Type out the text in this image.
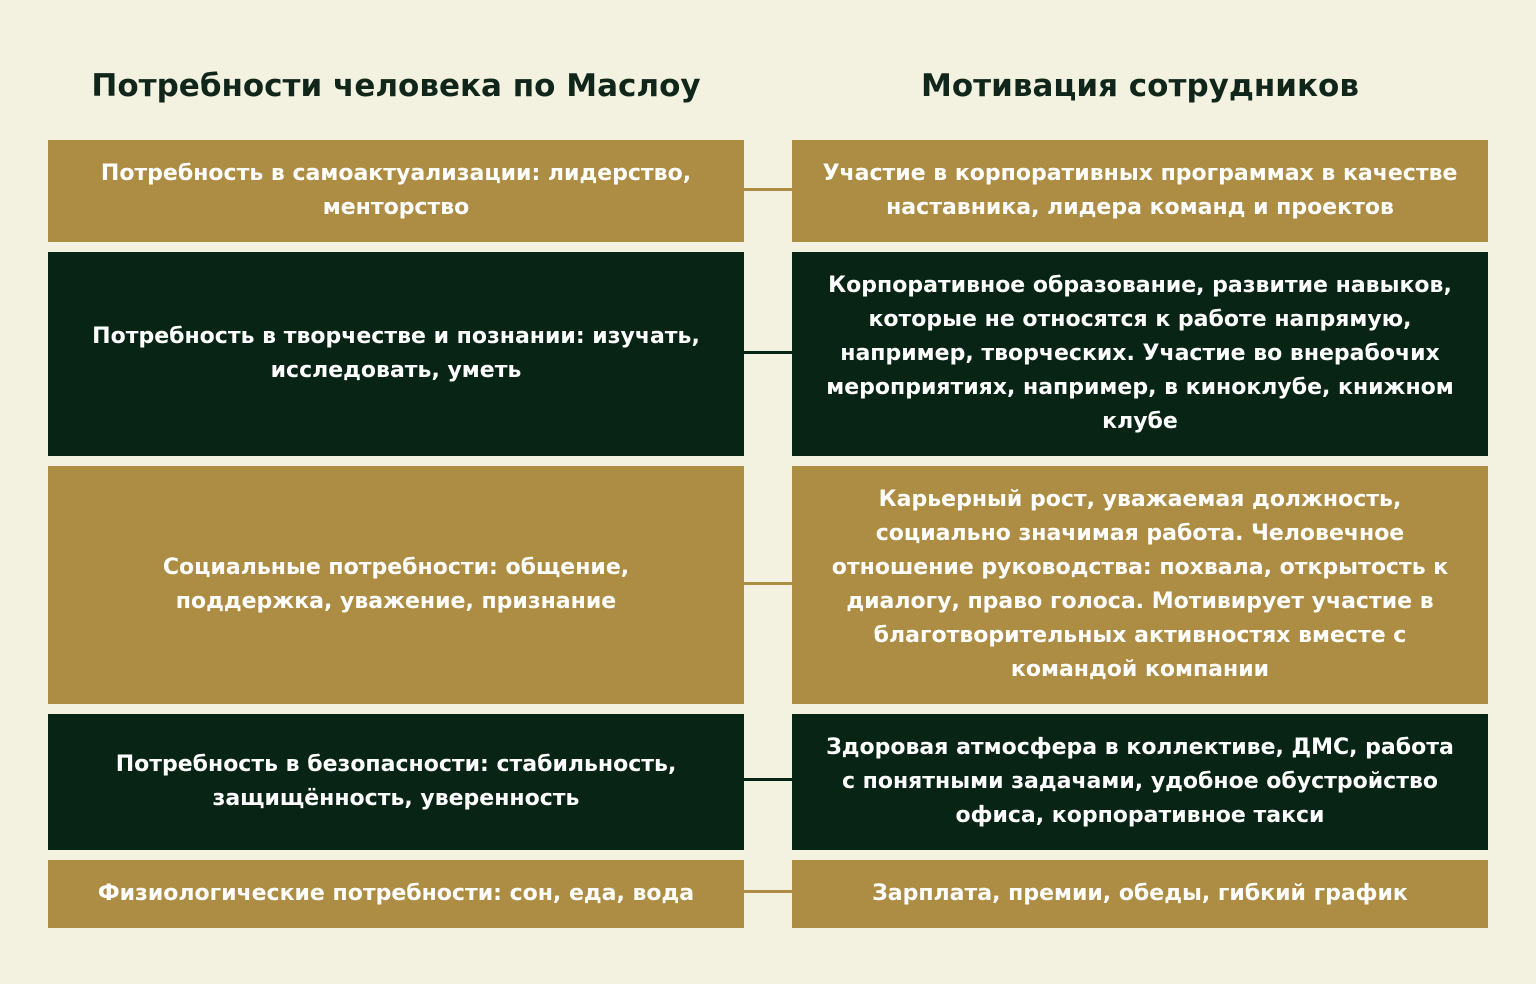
Потребности человека по Маслоу	Мотивация сотрудников
Потребность в самоактуализации: лидерство, менторство
Участие в корпоративных программах в качестве наставника, лидера команд и проектов
Потребность в творчестве и познании: изучать, исследовать, уметь
Корпоративное образование, развитие навыков, которые не относятся к работе напрямую, например, творческих. Участие во внерабочих мероприятиях, например, в киноклубе, книжном клубе
Социальные потребности: общение, поддержка, уважение, признание
Карьерный рост, уважаемая должность, социально значимая работа. Человечное отношение руководства: похвала, открытость к диалогу, право голоса. Мотивирует участие в благотворительных активностях вместе с командой компании
Потребность в безопасности: стабильность, защищённость, уверенность
Здоровая атмосфера в коллективе, ДМС, работа с понятными задачами, удобное обустройство офиса, корпоративное такси
Физиологические потребности: сон, еда, вода	Зарплата, премии, обеды, гибкий график
